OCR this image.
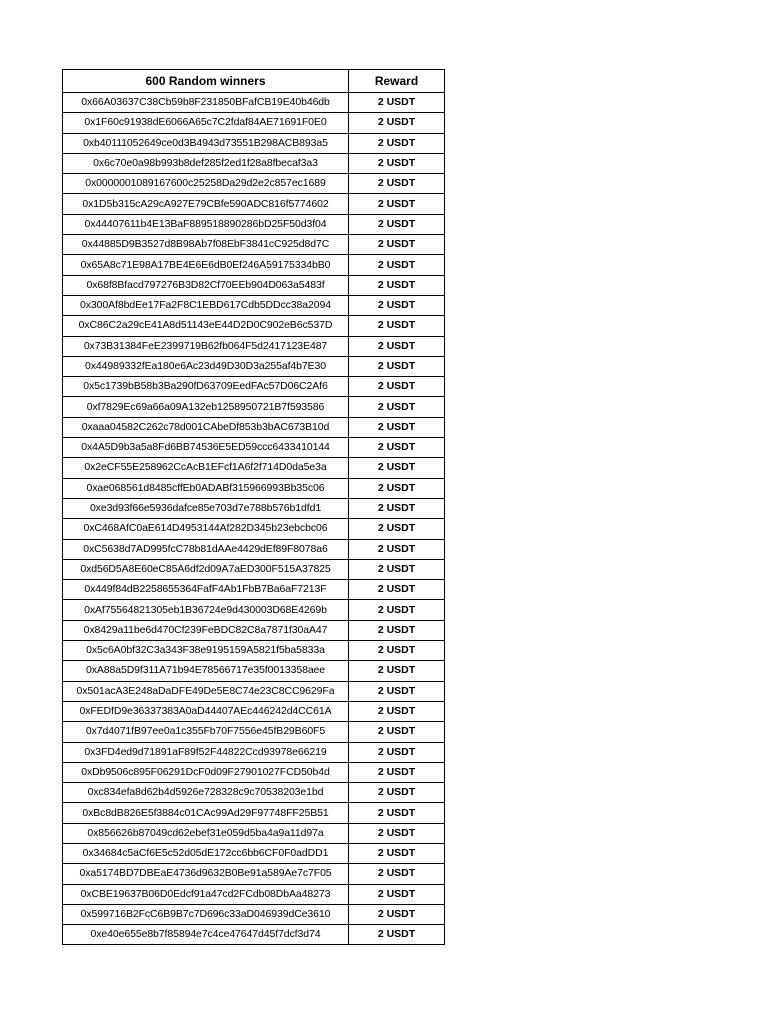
600 Random winners	Reward
0x66A03637C38Cb59b8F231850BFafCB19E40b46db	2 USDT
0x1F60c91938dE6066A65c7C2fdaf84AE71691F0E0	2 USDT
0xb40111052649ce0d3B4943d73551B298ACB893a5	2 USDT
0x6c70e0a98b993b8def285f2ed1f28a8fbecaf3a3	2 USDT
0x0000001089167600c25258Da29d2e2c857ec1689	2 USDT
0x1D5b315cA29cA927E79CBfe590ADC816f5774602	2 USDT
0x44407611b4E13BaF889518890286bD25F50d3f04	2 USDT
0x44885D9B3527d8B98Ab7f08EbF3841cC925d8d7C	2 USDT
0x65A8c71E98A17BE4E6E6dB0Ef246A59175334bB0	2 USDT
0x68f8Bfacd797276B3D82Cf70EEb904D063a5483f	2 USDT
0x300Af8bdEe17Fa2F8C1EBD617Cdb5DDcc38a2094	2 USDT
0xC86C2a29cE41A8d51143eE44D2D0C902eB6c537D	2 USDT
0x73B31384FeE2399719B62fb064F5d2417123E487	2 USDT
0x44989332fEa180e6Ac23d49D30D3a255af4b7E30	2 USDT
0x5c1739bB58b3Ba290fD63709EedFAc57D06C2Af6	2 USDT
0xf7829Ec69a66a09A132eb1258950721B7f593586	2 USDT
0xaaa04582C262c78d001CAbeDf853b3bAC673B10d	2 USDT
0x4A5D9b3a5a8Fd6BB74536E5ED59ccc6433410144	2 USDT
0x2eCF55E258962CcAcB1EFcf1A6f2f714D0da5e3a	2 USDT
0xae068561d8485cffEb0ADABf315966993Bb35c06	2 USDT
0xe3d93f66e5936dafce85e703d7e788b576b1dfd1	2 USDT
0xC468AfC0aE614D4953144Af282D345b23ebcbc06	2 USDT
0xC5638d7AD995fcC78b81dAAe4429dEf89F8078a6	2 USDT
0xd56D5A8E60eC85A6df2d09A7aED300F515A37825	2 USDT
0x449f84dB2258655364FafF4Ab1FbB7Ba6aF7213F	2 USDT
0xAf75564821305eb1B36724e9d430003D68E4269b	2 USDT
0x8429a11be6d470Cf239FeBDC82C8a7871f30aA47	2 USDT
0x5c6A0bf32C3a343F38e9195159A5821f5ba5833a	2 USDT
0xA88a5D9f311A71b94E78566717e35f0013358aee	2 USDT
0x501acA3E248aDaDFE49De5E8C74e23C8CC9629Fa	2 USDT
0xFEDfD9e36337383A0aD44407AEc446242d4CC61A	2 USDT
0x7d4071fB97ee0a1c355Fb70F7556e45fB29B60F5	2 USDT
0x3FD4ed9d71891aF89f52F44822Ccd93978e66219	2 USDT
0xDb9506c895F06291DcF0d09F27901027FCD50b4d	2 USDT
0xc834efa8d62b4d5926e728328c9c70538203e1bd	2 USDT
0xBc8dB826E5f3884c01CAc99Ad29F97748FF25B51	2 USDT
0x856626b87049cd62ebef31e059d5ba4a9a11d97a	2 USDT
0x34684c5aCf6E5c52d05dE172cc6bb6CF0F0adDD1	2 USDT
0xa5174BD7DBEaE4736d9632B0Be91a589Ae7c7F05	2 USDT
0xCBE19637B06D0Edcf91a47cd2FCdb08DbAa48273	2 USDT
0x599716B2FcC6B9B7c7D696c33aD046939dCe3610	2 USDT
0xe40e655e8b7f85894e7c4ce47647d45f7dcf3d74	2 USDT
